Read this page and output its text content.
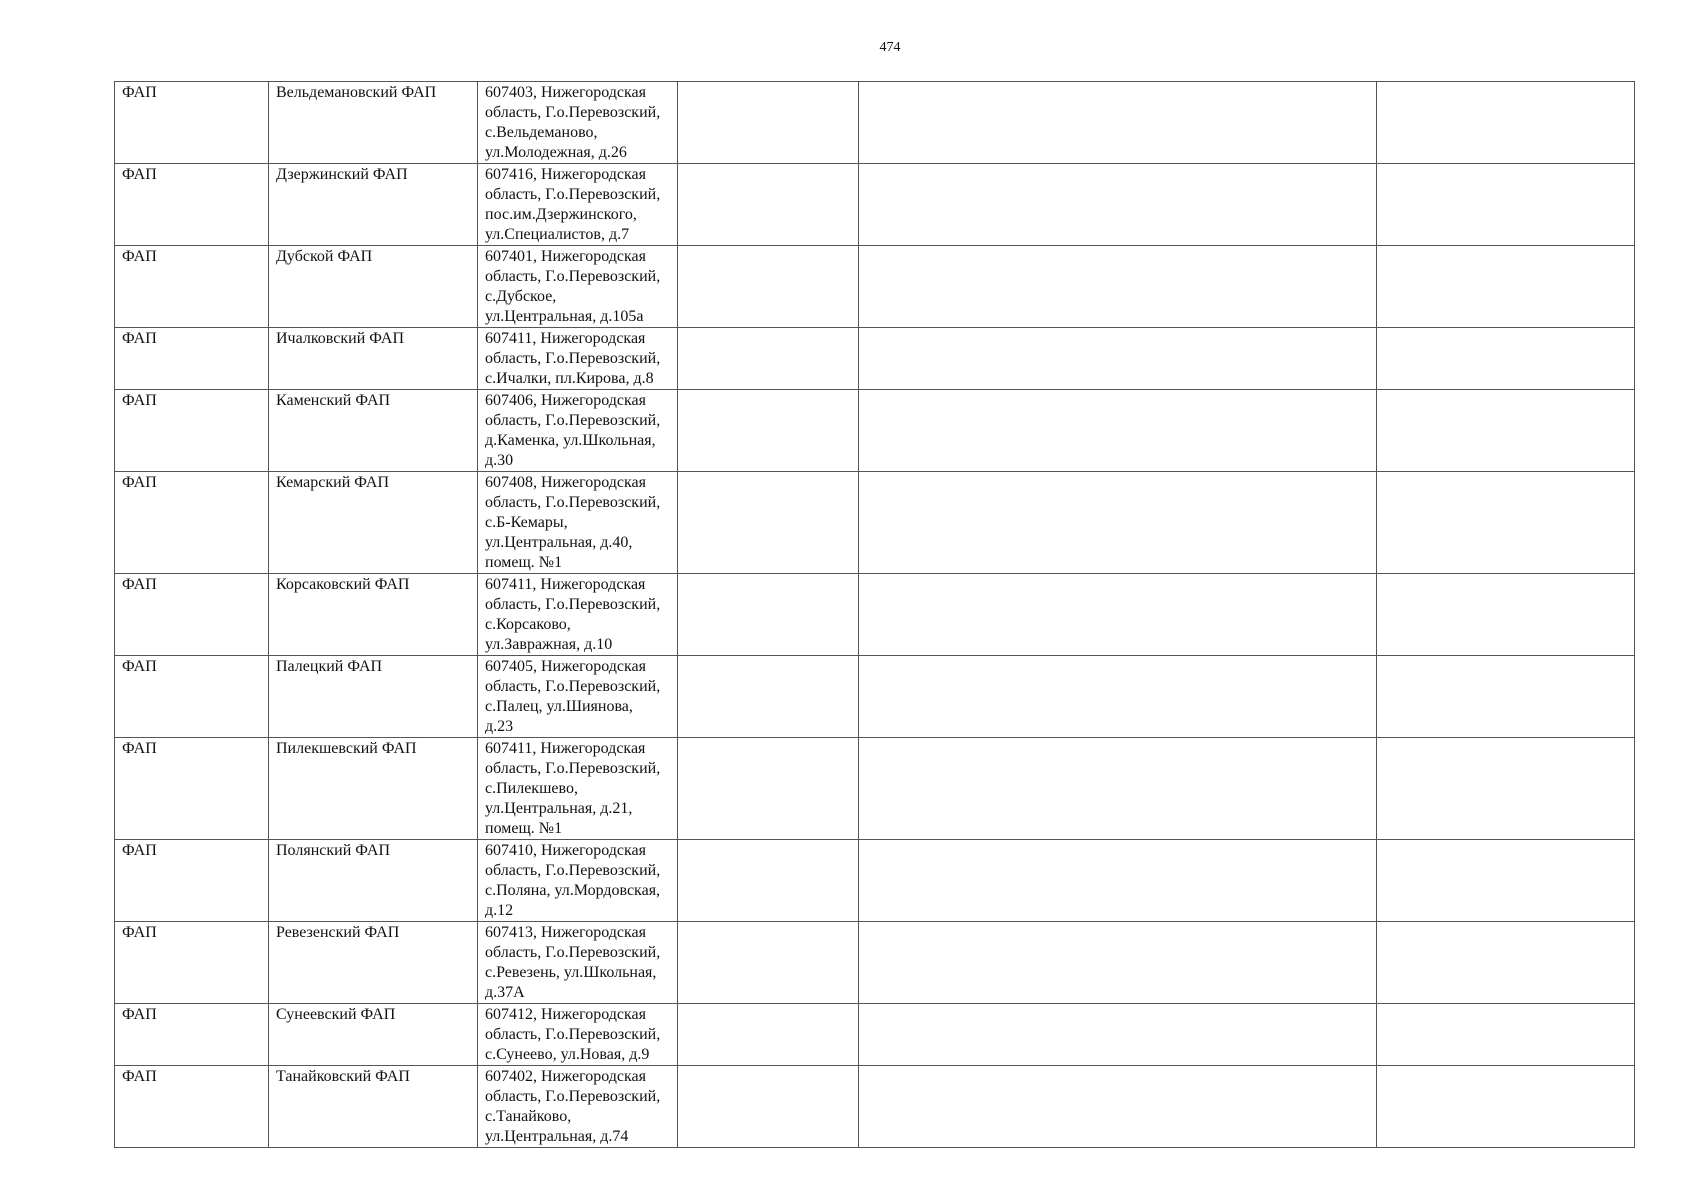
474
ФАП	Вельдемановский ФАП	607403, Нижегородская
область, Г.о.Перевозский,
с.Вельдеманово,
ул.Молодежная, д.26			

ФАП	Дзержинский ФАП	607416, Нижегородская
область, Г.о.Перевозский,
пос.им.Дзержинского,
ул.Специалистов, д.7			

ФАП	Дубской ФАП	607401, Нижегородская
область, Г.о.Перевозский,
с.Дубское,
ул.Центральная, д.105а			

ФАП	Ичалковский ФАП	607411, Нижегородская
область, Г.о.Перевозский,
с.Ичалки, пл.Кирова, д.8			

ФАП	Каменский ФАП	607406, Нижегородская
область, Г.о.Перевозский,
д.Каменка, ул.Школьная,
д.30			

ФАП	Кемарский ФАП	607408, Нижегородская
область, Г.о.Перевозский,
с.Б-Кемары,
ул.Центральная, д.40,
помещ. №1			

ФАП	Корсаковский ФАП	607411, Нижегородская
область, Г.о.Перевозский,
с.Корсаково,
ул.Завражная, д.10			

ФАП	Палецкий ФАП	607405, Нижегородская
область, Г.о.Перевозский,
с.Палец, ул.Шиянова,
д.23			

ФАП	Пилекшевский ФАП	607411, Нижегородская
область, Г.о.Перевозский,
с.Пилекшево,
ул.Центральная, д.21,
помещ. №1			

ФАП	Полянский ФАП	607410, Нижегородская
область, Г.о.Перевозский,
с.Поляна, ул.Мордовская,
д.12			

ФАП	Ревезенский ФАП	607413, Нижегородская
область, Г.о.Перевозский,
с.Ревезень, ул.Школьная,
д.37А			

ФАП	Сунеевский ФАП	607412, Нижегородская
область, Г.о.Перевозский,
с.Сунеево, ул.Новая, д.9			

ФАП	Танайковский ФАП	607402, Нижегородская
область, Г.о.Перевозский,
с.Танайково,
ул.Центральная, д.74			
